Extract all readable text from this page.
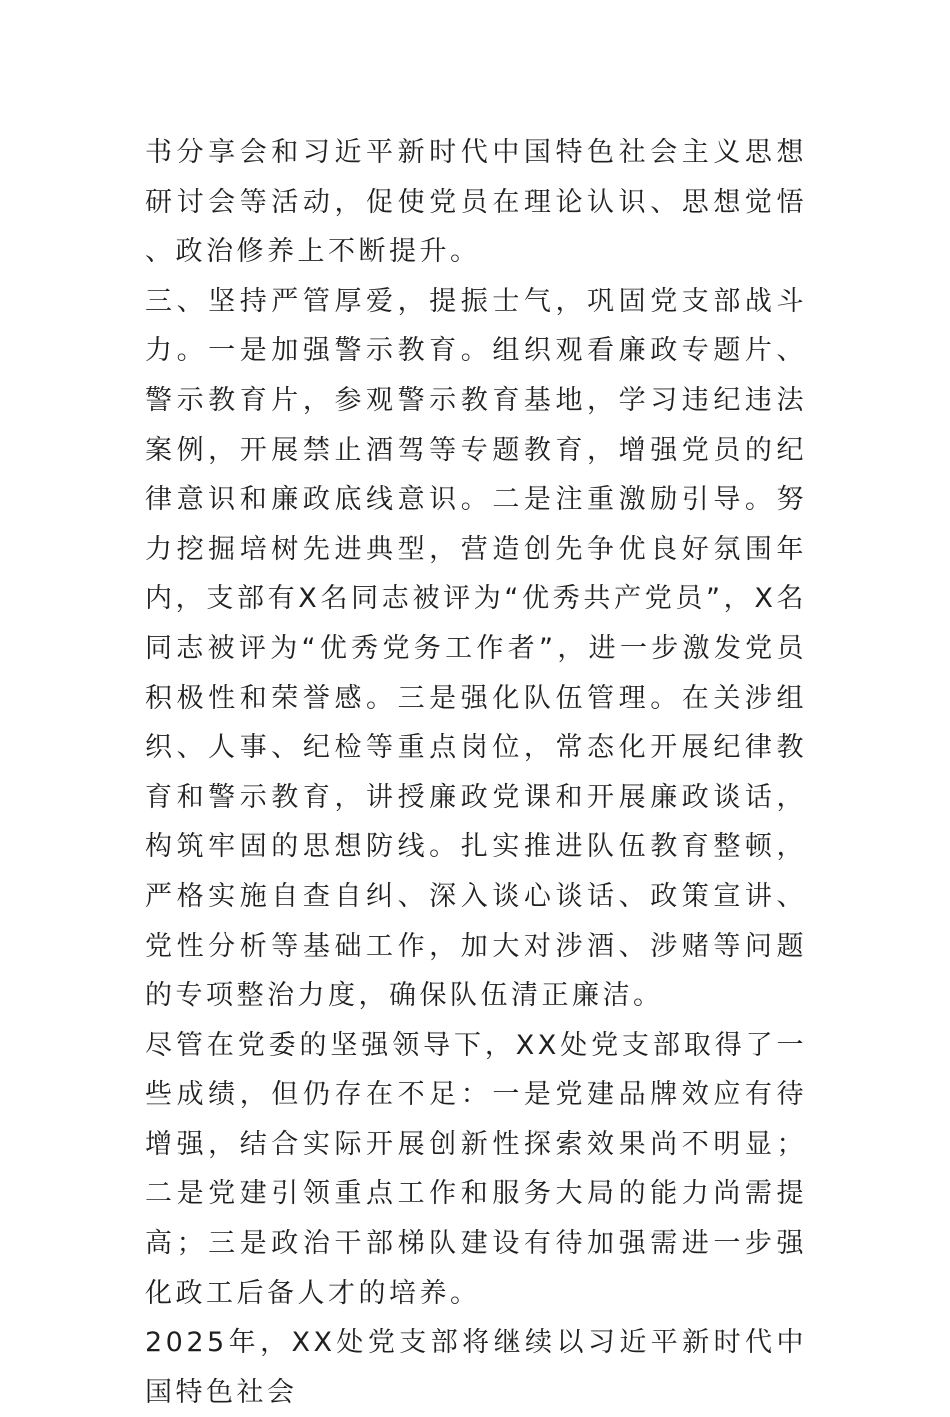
书分享会和习近平新时代中国特色社会主义思想研讨会等活动，促使党员在理论认识、思想觉悟、政治修养上不断提升。

三、坚持严管厚爱，提振士气，巩固党支部战斗力。一是加强警示教育。组织观看廉政专题片、警示教育片，参观警示教育基地，学习违纪违法案例，开展禁止酒驾等专题教育，增强党员的纪律意识和廉政底线意识。二是注重激励引导。努力挖掘培树先进典型，营造创先争优良好氛围年内，支部有X名同志被评为“优秀共产党员”，X名同志被评为“优秀党务工作者”，进一步激发党员积极性和荣誉感。三是强化队伍管理。在关涉组织、人事、纪检等重点岗位，常态化开展纪律教育和警示教育，讲授廉政党课和开展廉政谈话，构筑牢固的思想防线。扎实推进队伍教育整顿，严格实施自查自纠、深入谈心谈话、政策宣讲、党性分析等基础工作，加大对涉酒、涉赌等问题的专项整治力度，确保队伍清正廉洁。

尽管在党委的坚强领导下，XX处党支部取得了一些成绩，但仍存在不足：一是党建品牌效应有待增强，结合实际开展创新性探索效果尚不明显；二是党建引领重点工作和服务大局的能力尚需提高；三是政治干部梯队建设有待加强需进一步强化政工后备人才的培养。

2025年，XX处党支部将继续以习近平新时代中国特色社会
